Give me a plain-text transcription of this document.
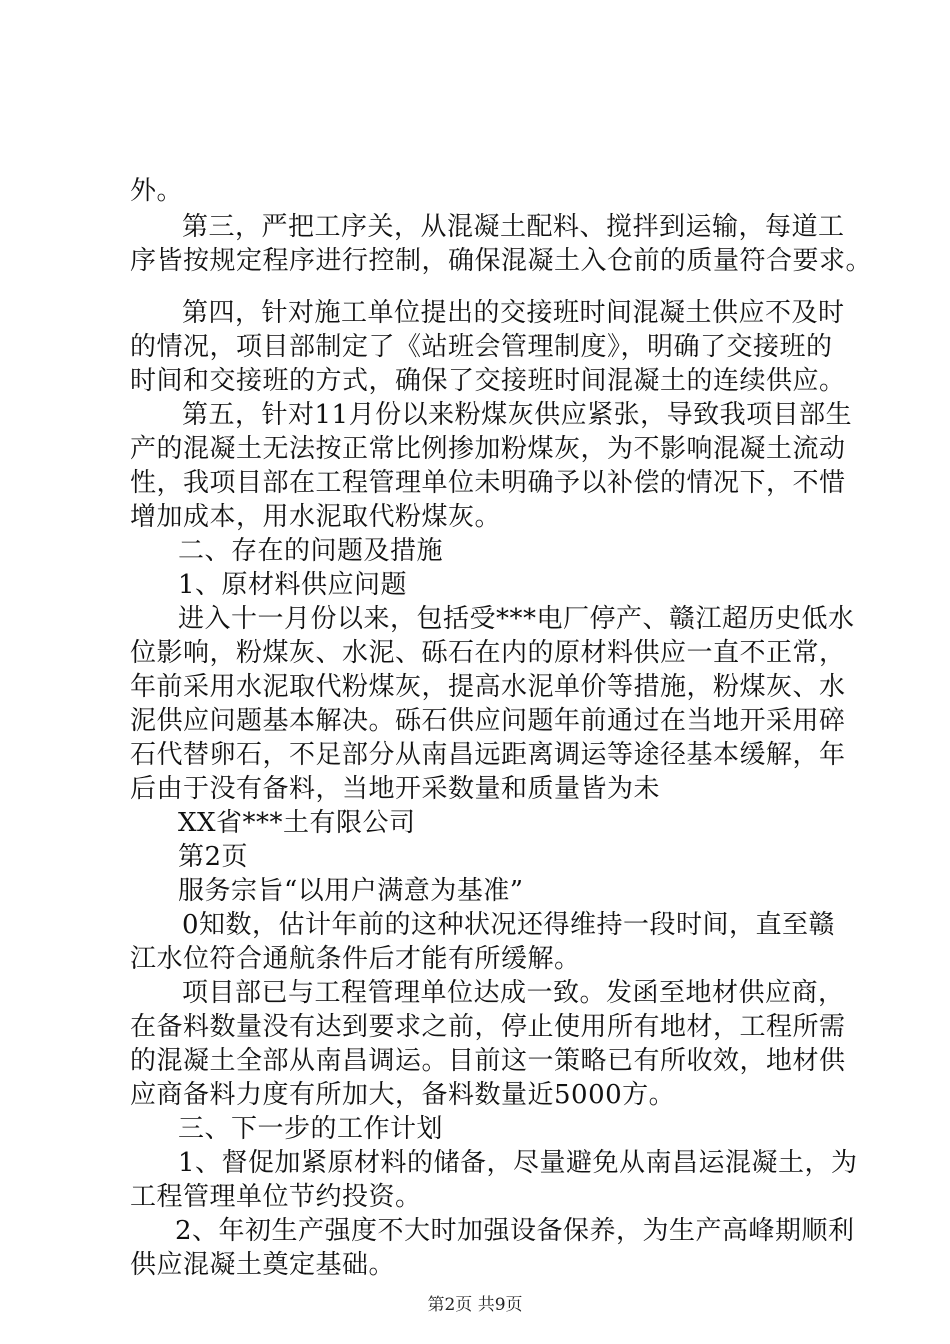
外。
第三，严把工序关，从混凝土配料、搅拌到运输，每道工
序皆按规定程序进行控制，确保混凝土入仓前的质量符合要求。
第四，针对施工单位提出的交接班时间混凝土供应不及时
的情况，项目部制定了《站班会管理制度》，明确了交接班的
时间和交接班的方式，确保了交接班时间混凝土的连续供应。
第五，针对11月份以来粉煤灰供应紧张，导致我项目部生
产的混凝土无法按正常比例掺加粉煤灰，为不影响混凝土流动
性，我项目部在工程管理单位未明确予以补偿的情况下，不惜
增加成本，用水泥取代粉煤灰。
二、存在的问题及措施
1、原材料供应问题
进入十一月份以来，包括受***电厂停产、赣江超历史低水
位影响，粉煤灰、水泥、砾石在内的原材料供应一直不正常，
年前采用水泥取代粉煤灰，提高水泥单价等措施，粉煤灰、水
泥供应问题基本解决。砾石供应问题年前通过在当地开采用碎
石代替卵石，不足部分从南昌远距离调运等途径基本缓解，年
后由于没有备料，当地开采数量和质量皆为未
XX省***土有限公司
第2页
服务宗旨“以用户满意为基准”
0知数，估计年前的这种状况还得维持一段时间，直至赣
江水位符合通航条件后才能有所缓解。
项目部已与工程管理单位达成一致。发函至地材供应商，
在备料数量没有达到要求之前，停止使用所有地材，工程所需
的混凝土全部从南昌调运。目前这一策略已有所收效，地材供
应商备料力度有所加大，备料数量近5000方。
三、下一步的工作计划
1、督促加紧原材料的储备，尽量避免从南昌运混凝土，为
工程管理单位节约投资。
2、年初生产强度不大时加强设备保养，为生产高峰期顺利
供应混凝土奠定基础。
第2页 共9页
